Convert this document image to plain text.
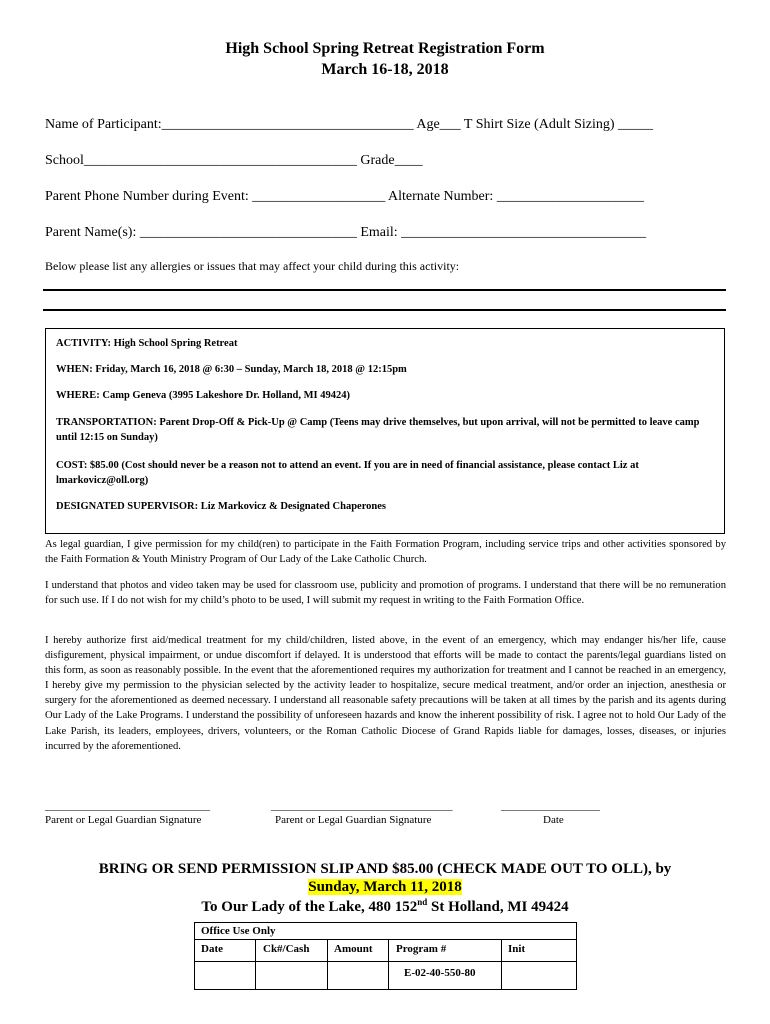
High School Spring Retreat Registration Form
March 16-18, 2018
Name of Participant:____________________________________ Age___ T Shirt Size (Adult Sizing) _____
School_______________________________________ Grade____
Parent Phone Number during Event: ___________________ Alternate Number: _____________________
Parent Name(s): _______________________________ Email: ___________________________________
Below please list any allergies or issues that may affect your child during this activity:
ACTIVITY: High School Spring Retreat
WHEN: Friday, March 16, 2018 @ 6:30 – Sunday, March 18, 2018 @ 12:15pm
WHERE: Camp Geneva (3995 Lakeshore Dr. Holland, MI 49424)
TRANSPORTATION: Parent Drop-Off & Pick-Up @ Camp (Teens may drive themselves, but upon arrival, will not be permitted to leave camp until 12:15 on Sunday)
COST: $85.00 (Cost should never be a reason not to attend an event. If you are in need of financial assistance, please contact Liz at lmarkovicz@oll.org)
DESIGNATED SUPERVISOR: Liz Markovicz & Designated Chaperones
As legal guardian, I give permission for my child(ren) to participate in the Faith Formation Program, including service trips and other activities sponsored by the Faith Formation & Youth Ministry Program of Our Lady of the Lake Catholic Church.
I understand that photos and video taken may be used for classroom use, publicity and promotion of programs. I understand that there will be no remuneration for such use. If I do not wish for my child’s photo to be used, I will submit my request in writing to the Faith Formation Office.
I hereby authorize first aid/medical treatment for my child/children, listed above, in the event of an emergency, which may endanger his/her life, cause disfigurement, physical impairment, or undue discomfort if delayed. It is understood that efforts will be made to contact the parents/legal guardians listed on this form, as soon as reasonably possible. In the event that the aforementioned requires my authorization for treatment and I cannot be reached in an emergency, I hereby give my permission to the physician selected by the activity leader to hospitalize, secure medical treatment, and/or order an injection, anesthesia or surgery for the aforementioned as deemed necessary. I understand all reasonable safety precautions will be taken at all times by the parish and its agents during Our Lady of the Lake Programs. I understand the possibility of unforeseen hazards and know the inherent possibility of risk. I agree not to hold Our Lady of the Lake Parish, its leaders, employees, drivers, volunteers, or the Roman Catholic Diocese of Grand Rapids liable for damages, losses, diseases, or injuries incurred by the aforementioned.
______________________________
Parent or Legal Guardian Signature
_________________________________
Parent or Legal Guardian Signature
__________________
Date
BRING OR SEND PERMISSION SLIP AND $85.00 (CHECK MADE OUT TO OLL), by
Sunday, March 11, 2018
To Our Lady of the Lake, 480 152nd St Holland, MI 49424
Office Use Only
Date	Ck#/Cash Amount Program #	Init
E-02-40-550-80
